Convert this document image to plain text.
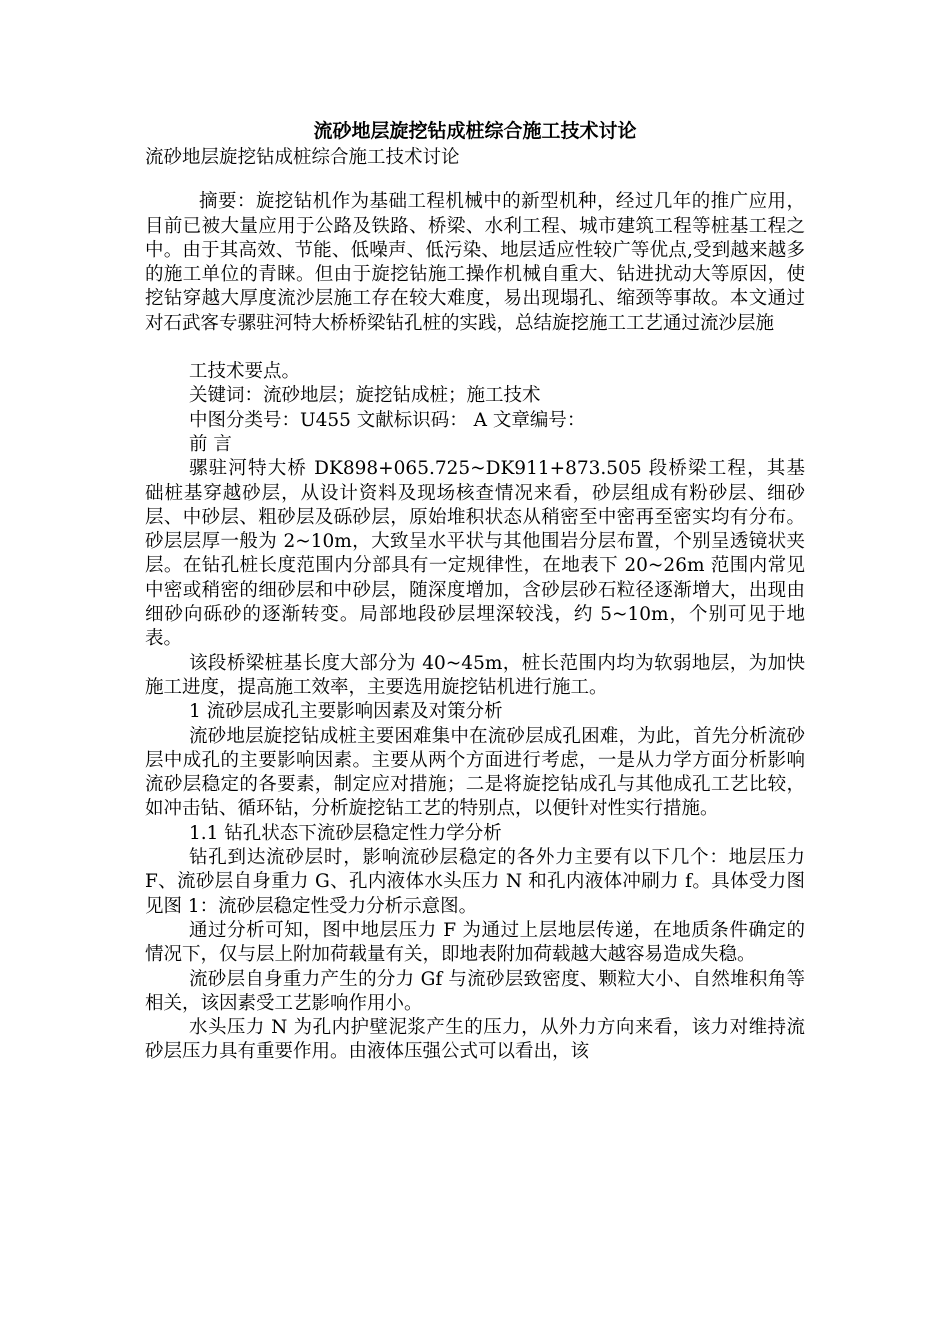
流砂地层旋挖钻成桩综合施工技术讨论

流砂地层旋挖钻成桩综合施工技术讨论

摘要：旋挖钻机作为基础工程机械中的新型机种，经过几年的推广应用，目前已被大量应用于公路及铁路、桥梁、水利工程、城市建筑工程等桩基工程之中。由于其高效、节能、低噪声、低污染、地层适应性较广等优点,受到越来越多的施工单位的青睐。但由于旋挖钻施工操作机械自重大、钻进扰动大等原因，使挖钻穿越大厚度流沙层施工存在较大难度，易出现塌孔、缩颈等事故。本文通过对石武客专骡驻河特大桥桥梁钻孔桩的实践，总结旋挖施工工艺通过流沙层施

工技术要点。

关键词：流砂地层；旋挖钻成桩；施工技术

中图分类号：U455 文献标识码： A 文章编号：

前 言

骡驻河特大桥 DK898+065.725~DK911+873.505 段桥梁工程，其基础桩基穿越砂层，从设计资料及现场核查情况来看，砂层组成有粉砂层、细砂层、中砂层、粗砂层及砾砂层，原始堆积状态从稍密至中密再至密实均有分布。砂层层厚一般为 2~10m，大致呈水平状与其他围岩分层布置，个别呈透镜状夹层。在钻孔桩长度范围内分部具有一定规律性，在地表下 20~26m 范围内常见中密或稍密的细砂层和中砂层，随深度增加，含砂层砂石粒径逐渐增大，出现由细砂向砾砂的逐渐转变。局部地段砂层埋深较浅，约 5~10m，个别可见于地表。

该段桥梁桩基长度大部分为 40~45m，桩长范围内均为软弱地层，为加快施工进度，提高施工效率，主要选用旋挖钻机进行施工。

1 流砂层成孔主要影响因素及对策分析

流砂地层旋挖钻成桩主要困难集中在流砂层成孔困难，为此，首先分析流砂层中成孔的主要影响因素。主要从两个方面进行考虑，一是从力学方面分析影响流砂层稳定的各要素，制定应对措施；二是将旋挖钻成孔与其他成孔工艺比较，如冲击钻、循环钻，分析旋挖钻工艺的特别点，以便针对性实行措施。

1.1 钻孔状态下流砂层稳定性力学分析

钻孔到达流砂层时，影响流砂层稳定的各外力主要有以下几个：地层压力 F、流砂层自身重力 G、孔内液体水头压力 N 和孔内液体冲刷力 f。具体受力图见图 1：流砂层稳定性受力分析示意图。

通过分析可知，图中地层压力 F 为通过上层地层传递，在地质条件确定的情况下，仅与层上附加荷载量有关，即地表附加荷载越大越容易造成失稳。

流砂层自身重力产生的分力 Gf 与流砂层致密度、颗粒大小、自然堆积角等相关，该因素受工艺影响作用小。

水头压力 N 为孔内护壁泥浆产生的压力，从外力方向来看，该力对维持流砂层压力具有重要作用。由液体压强公式可以看出，该
